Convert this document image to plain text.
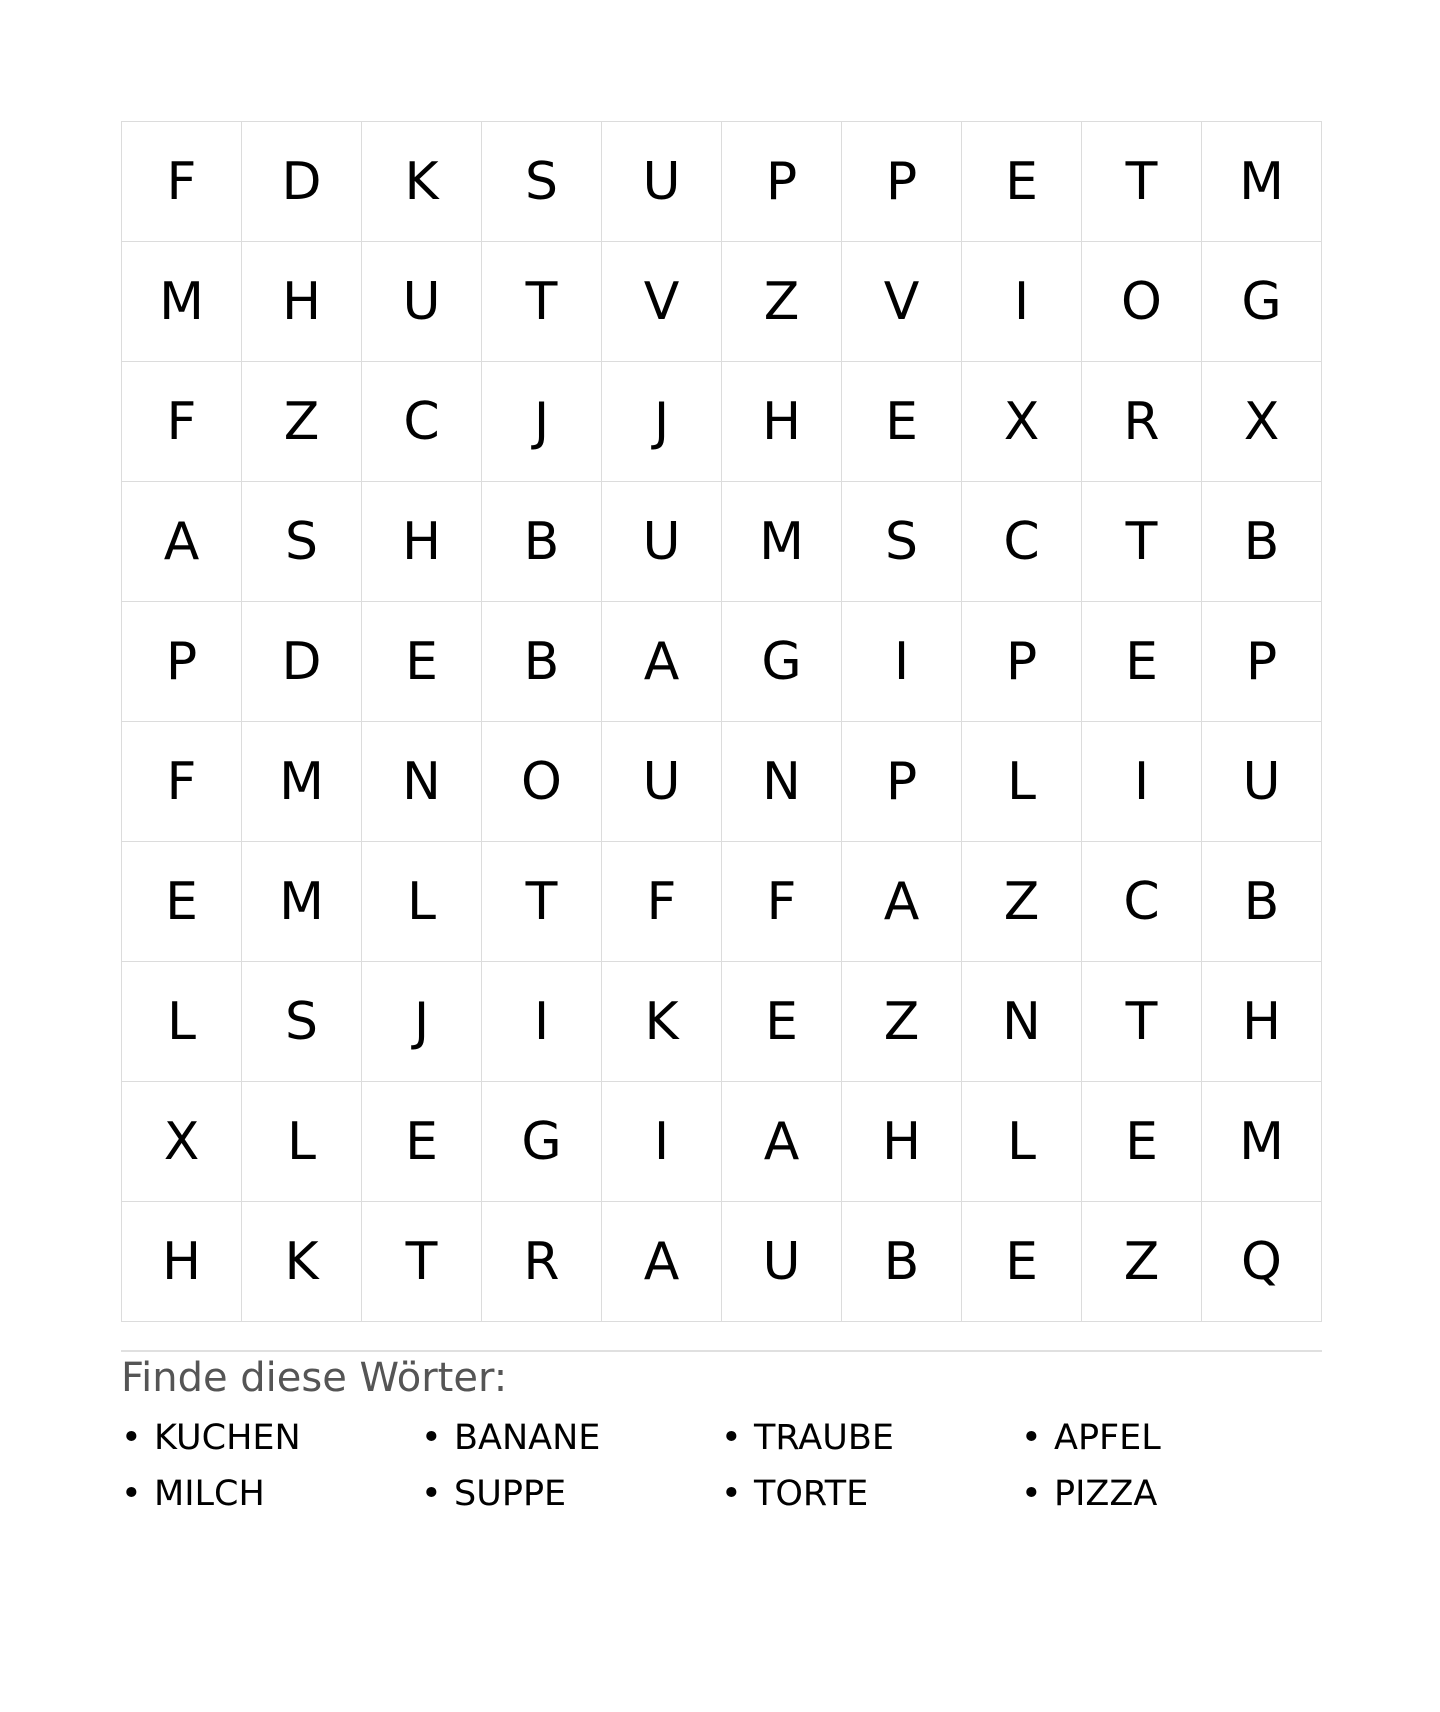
F	D	K	S	U	P	P	E	T	M
M	H	U	T	V	Z	V	I	O	G
F	Z	C	J	J	H	E	X	R	X
A	S	H	B	U	M	S	C	T	B
P	D	E	B	A	G	I	P	E	P
F	M	N	O	U	N	P	L	I	U
E	M	L	T	F	F	A	Z	C	B
L	S	J	I	K	E	Z	N	T	H
X	L	E	G	I	A	H	L	E	M
H	K	T	R	A	U	B	E	Z	Q
Finde diese Wörter:
• KUCHEN	• BANANE	• TRAUBE	• APFEL
• MILCH	• SUPPE	• TORTE	• PIZZA
